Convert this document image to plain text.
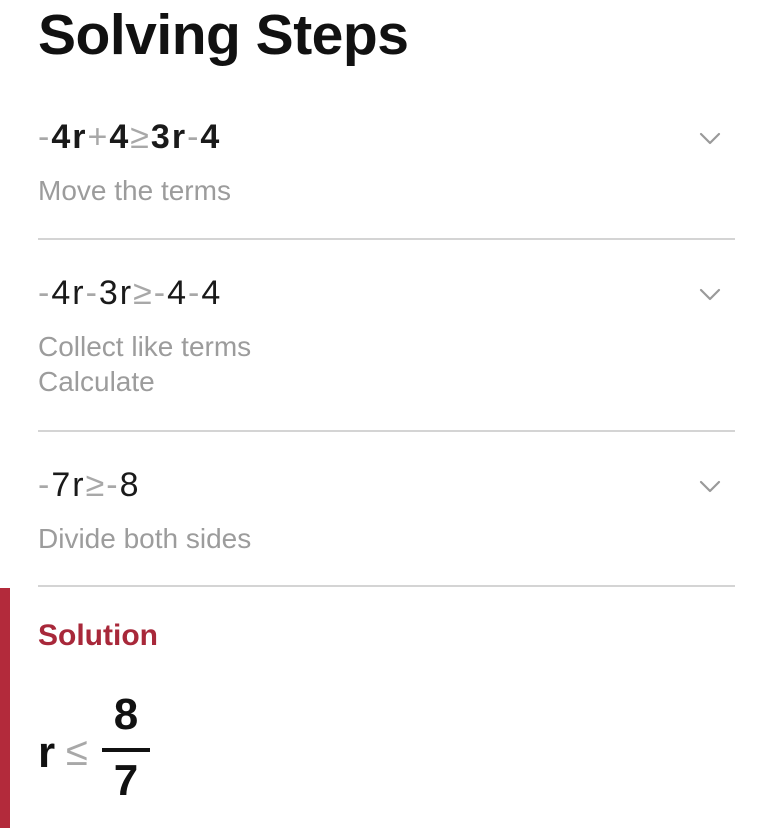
Solving Steps
-4r+4≥3r-4
Move the terms
-4r-3r≥-4-4
Collect like terms
Calculate
-7r≥-8
Divide both sides
Solution
r ≤
8
7
